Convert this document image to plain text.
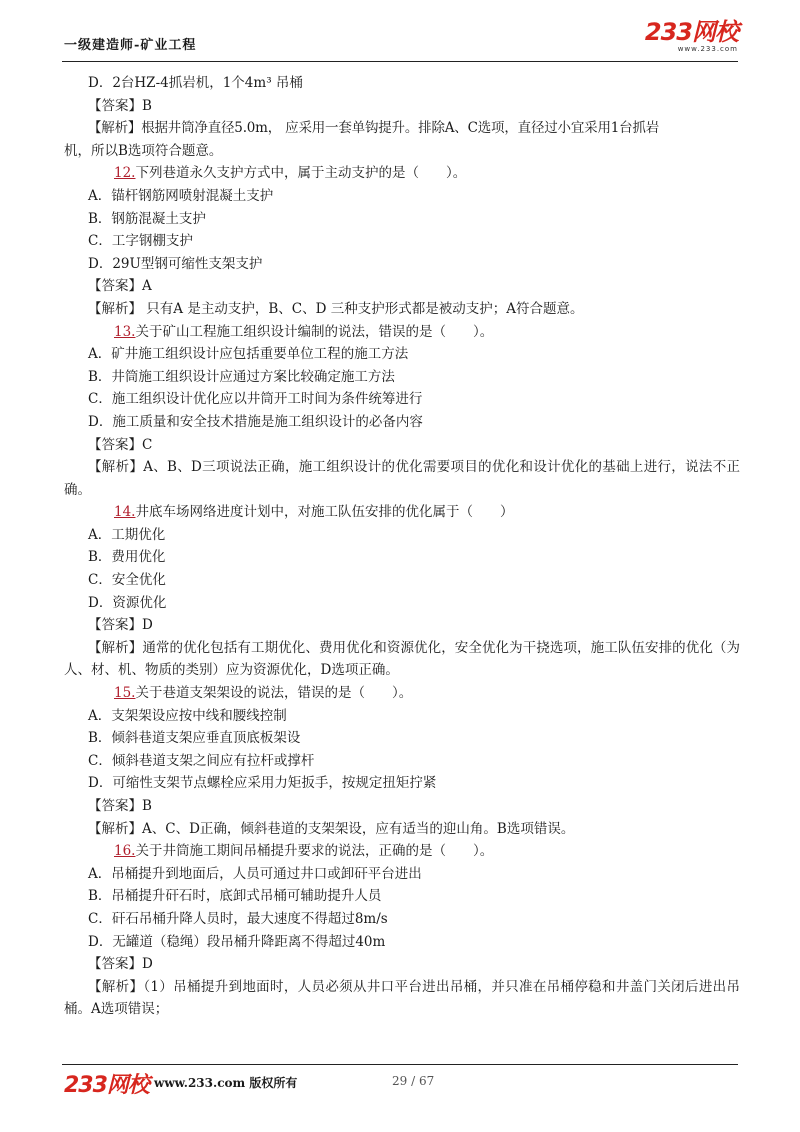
一级建造师-矿业工程	233网校
www.233.com
D．2台HZ-4抓岩机，1个4m³ 吊桶
【答案】B
【解析】根据井筒净直径5.0m， 应采用一套单钩提升。排除A、C选项，直径过小宜采用1台抓岩
机，所以B选项符合题意。
12.下列巷道永久支护方式中，属于主动支护的是（　　）。
A．锚杆钢筋网喷射混凝土支护
B．钢筋混凝土支护
C．工字钢棚支护
D．29U型钢可缩性支架支护
【答案】A
【解析】 只有A 是主动支护，B、C、D 三种支护形式都是被动支护；A符合题意。
13.关于矿山工程施工组织设计编制的说法，错误的是（　　）。
A．矿井施工组织设计应包括重要单位工程的施工方法
B．井筒施工组织设计应通过方案比较确定施工方法
C．施工组织设计优化应以井筒开工时间为条件统筹进行
D．施工质量和安全技术措施是施工组织设计的必备内容
【答案】C
【解析】A、B、D三项说法正确，施工组织设计的优化需要项目的优化和设计优化的基础上进行，说法不正确。
14.井底车场网络进度计划中，对施工队伍安排的优化属于（　　）
A．工期优化
B．费用优化
C．安全优化
D．资源优化
【答案】D
【解析】通常的优化包括有工期优化、费用优化和资源优化，安全优化为干挠选项，施工队伍安排的优化（为人、材、机、物质的类别）应为资源优化，D选项正确。
15.关于巷道支架架设的说法，错误的是（　　）。
A．支架架设应按中线和腰线控制
B．倾斜巷道支架应垂直顶底板架设
C．倾斜巷道支架之间应有拉杆或撑杆
D．可缩性支架节点螺栓应采用力矩扳手，按规定扭矩拧紧
【答案】B
【解析】A、C、D正确，倾斜巷道的支架架设，应有适当的迎山角。B选项错误。
16.关于井筒施工期间吊桶提升要求的说法，正确的是（　　）。
A．吊桶提升到地面后，人员可通过井口或卸矸平台进出
B．吊桶提升矸石时，底卸式吊桶可辅助提升人员
C．矸石吊桶升降人员时，最大速度不得超过8m/s
D．无罐道（稳绳）段吊桶升降距离不得超过40m
【答案】D
【解析】（1）吊桶提升到地面时，人员必须从井口平台进出吊桶，并只准在吊桶停稳和井盖门关闭后进出吊桶。A选项错误；
233网校 www.233.com 版权所有	29 / 67
